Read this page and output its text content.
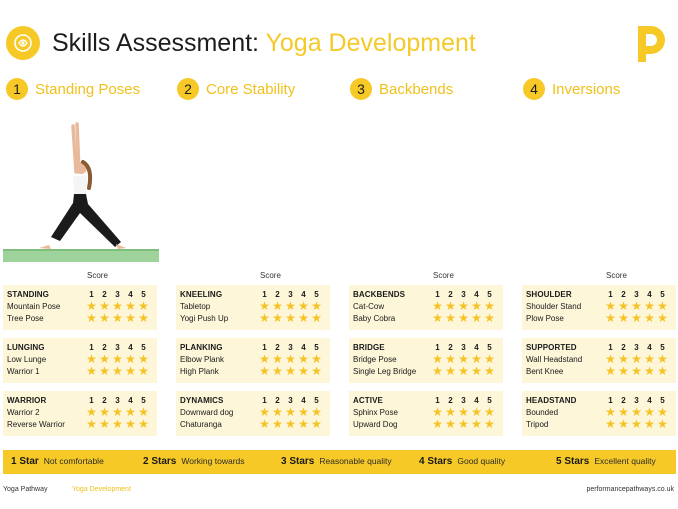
Skills Assessment: Yoga Development
1 Standing Poses	2 Core Stability	3 Backbends	4 Inversions
Score	Score	Score	Score
STANDING	1	2	3	4	5
Mountain Pose	★ ★ ★ ★ ★
Tree Pose	★ ★ ★ ★ ★
LUNGING	1	2	3	4	5
Low Lunge	★ ★ ★ ★ ★
Warrior 1	★ ★ ★ ★ ★
WARRIOR	1	2	3	4	5
Warrior 2	★ ★ ★ ★ ★
Reverse Warrior	★ ★ ★ ★ ★
KNEELING	1	2	3	4	5
Tabletop	★ ★ ★ ★ ★
Yogi Push Up	★ ★ ★ ★ ★
PLANKING	1	2	3	4	5
Elbow Plank	★ ★ ★ ★ ★
High Plank	★ ★ ★ ★ ★
DYNAMICS	1	2	3	4	5
Downward dog	★ ★ ★ ★ ★
Chaturanga	★ ★ ★ ★ ★
BACKBENDS	1	2	3	4	5
Cat-Cow	★ ★ ★ ★ ★
Baby Cobra	★ ★ ★ ★ ★
BRIDGE	1	2	3	4	5
Bridge Pose	★ ★ ★ ★ ★
Single Leg Bridge	★ ★ ★ ★ ★
ACTIVE	1	2	3	4	5
Sphinx Pose	★ ★ ★ ★ ★
Upward Dog	★ ★ ★ ★ ★
SHOULDER	1	2	3	4	5
Shoulder Stand	★ ★ ★ ★ ★
Plow Pose	★ ★ ★ ★ ★
SUPPORTED	1	2	3	4	5
Wall Headstand	★ ★ ★ ★ ★
Bent Knee	★ ★ ★ ★ ★
HEADSTAND	1	2	3	4	5
Bounded	★ ★ ★ ★ ★
Tripod	★ ★ ★ ★ ★
1 Star Not comfortable	2 Stars Working towards	3 Stars Reasonable quality	4 Stars Good quality	5 Stars Excellent quality
Yoga Pathway	Yoga Development	performancepathways.co.uk
